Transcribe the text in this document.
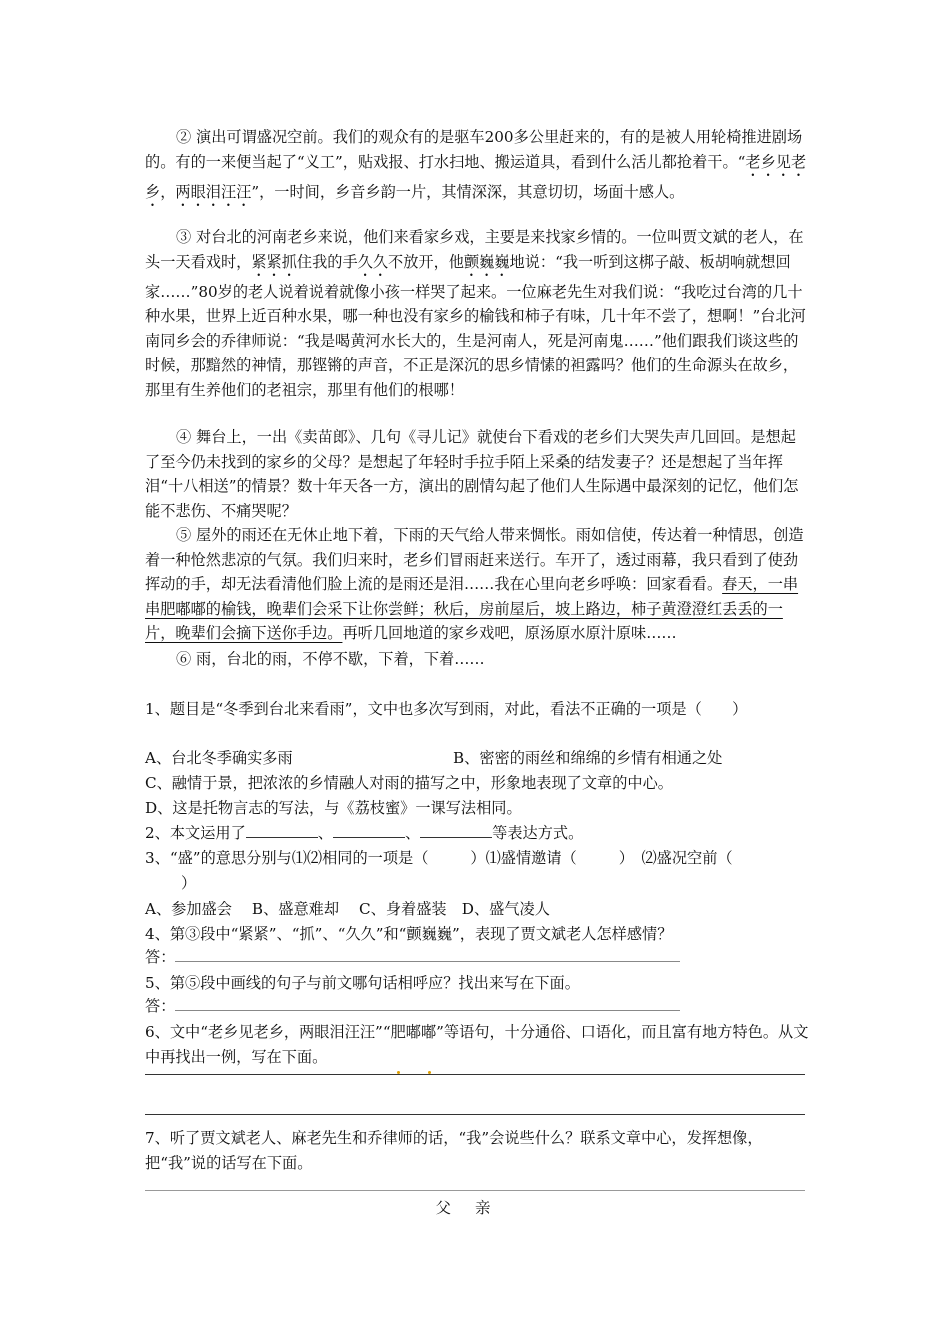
② 演出可谓盛况空前。我们的观众有的是驱车200多公里赶来的，有的是被人用轮椅推进剧场的。有的一来便当起了“义工”，贴戏报、打水扫地、搬运道具，看到什么活儿都抢着干。“老乡见老乡，两眼泪汪汪”，一时间，乡音乡韵一片，其情深深，其意切切，场面十感人。

③ 对台北的河南老乡来说，他们来看家乡戏，主要是来找家乡情的。一位叫贾文斌的老人，在头一天看戏时，紧紧抓住我的手久久不放开，他颤巍巍地说：“我一听到这梆子敲、板胡响就想回家……”80岁的老人说着说着就像小孩一样哭了起来。一位麻老先生对我们说：“我吃过台湾的几十种水果，世界上近百种水果，哪一种也没有家乡的榆钱和柿子有味，几十年不尝了，想啊！”台北河南同乡会的乔律师说：“我是喝黄河水长大的，生是河南人，死是河南鬼……”他们跟我们谈这些的时候，那黯然的神情，那铿锵的声音，不正是深沉的思乡情愫的袒露吗？他们的生命源头在故乡，那里有生养他们的老祖宗，那里有他们的根哪！

④ 舞台上，一出《卖苗郎》、几句《寻儿记》就使台下看戏的老乡们大哭失声几回回。是想起了至今仍未找到的家乡的父母？是想起了年轻时手拉手陌上采桑的结发妻子？还是想起了当年挥泪“十八相送”的情景？数十年天各一方，演出的剧情勾起了他们人生际遇中最深刻的记忆，他们怎能不悲伤、不痛哭呢？

⑤ 屋外的雨还在无休止地下着，下雨的天气给人带来惆怅。雨如信使，传达着一种情思，创造着一种怆然悲凉的气氛。我们归来时，老乡们冒雨赶来送行。车开了，透过雨幕，我只看到了使劲挥动的手，却无法看清他们脸上流的是雨还是泪……我在心里向老乡呼唤：回家看看。春天，一串串肥嘟嘟的榆钱，晚辈们会采下让你尝鲜；秋后，房前屋后，坡上路边，柿子黄澄澄红丢丢的一片，晚辈们会摘下送你手边。再听几回地道的家乡戏吧，原汤原水原汁原味……

⑥ 雨，台北的雨，不停不歇，下着，下着……

1、题目是“冬季到台北来看雨”，文中也多次写到雨，对此，看法不正确的一项是（　　）

A、台北冬季确实多雨	B、密密的雨丝和绵绵的乡情有相通之处
C、融情于景，把浓浓的乡情融人对雨的描写之中，形象地表现了文章的中心。
D、这是托物言志的写法，与《荔枝蜜》一课写法相同。
2、本文运用了	、	、	等表达方式。
3、“盛”的意思分别与⑴⑵相同的一项是（	）⑴盛情邀请（	）　⑵盛况空前（
）
A、参加盛会　 B、盛意难却　 C、身着盛装　D、盛气凌人
4、第③段中“紧紧”、“抓”、“久久”和“颤巍巍”，表现了贾文斌老人怎样感情？
答：
5、第⑤段中画线的句子与前文哪句话相呼应？找出来写在下面。
答：

6、文中“老乡见老乡，两眼泪汪汪”“肥嘟嘟”等语句，十分通俗、口语化，而且富有地方特色。从文中再找出一例，写在下面。

7、听了贾文斌老人、麻老先生和乔律师的话，“我”会说些什么？联系文章中心，发挥想像，把“我”说的话写在下面。

父亲
